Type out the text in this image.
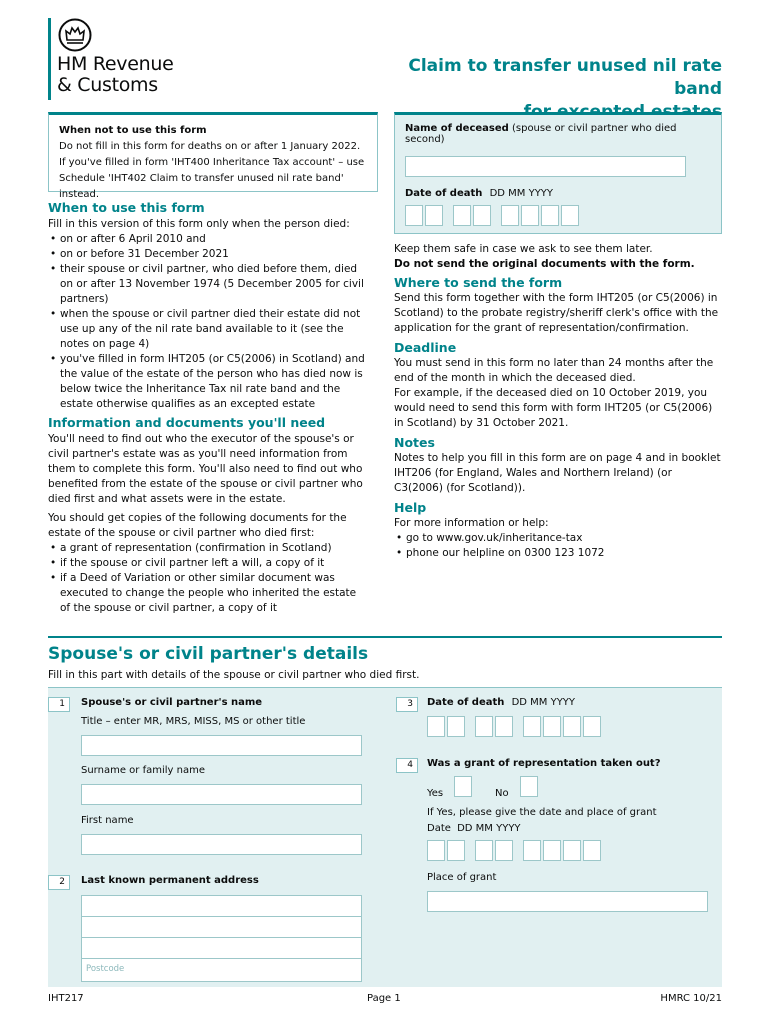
HM Revenue
& Customs
Claim to transfer unused nil rate band
When not to use this form
Do not fill in this form for deaths on or after 1 January 2022.
If you've filled in form 'IHT400 Inheritance Tax account' – use
Schedule 'IHT402 Claim to transfer unused nil rate band' instead.
Name of deceased (spouse or civil partner who died second)
Date of death DD MM YYYY
When to use this form
Fill in this version of this form only when the person died:
• on or after 6 April 2010 and
• on or before 31 December 2021
• their spouse or civil partner, who died before them, died on or after 13 November 1974 (5 December 2005 for civil partners)
• when the spouse or civil partner died their estate did not use up any of the nil rate band available to it (see the notes on page 4)
• you've filled in form IHT205 (or C5(2006) in Scotland) and the value of the estate of the person who has died now is below twice the Inheritance Tax nil rate band and the estate otherwise qualifies as an excepted estate
Information and documents you'll need
You'll need to find out who the executor of the spouse's or civil partner's estate was as you'll need information from them to complete this form. You'll also need to find out who benefited from the estate of the spouse or civil partner who died first and what assets were in the estate.
You should get copies of the following documents for the estate of the spouse or civil partner who died first:
• a grant of representation (confirmation in Scotland)
• if the spouse or civil partner left a will, a copy of it
• if a Deed of Variation or other similar document was executed to change the people who inherited the estate of the spouse or civil partner, a copy of it
Keep them safe in case we ask to see them later.
Do not send the original documents with the form.
Where to send the form
Send this form together with the form IHT205 (or C5(2006) in Scotland) to the probate registry/sheriff clerk's office with the application for the grant of representation/confirmation.
Deadline
You must send in this form no later than 24 months after the end of the month in which the deceased died.
For example, if the deceased died on 10 October 2019, you would need to send this form with form IHT205 (or C5(2006) in Scotland) by 31 October 2021.
Notes
Notes to help you fill in this form are on page 4 and in booklet IHT206 (for England, Wales and Northern Ireland) (or C3(2006) (for Scotland)).
Help
For more information or help:
• go to www.gov.uk/inheritance-tax
• phone our helpline on 0300 123 1072
Spouse's or civil partner's details
Fill in this part with details of the spouse or civil partner who died first.
1	Spouse's or civil partner's name
Title – enter MR, MRS, MISS, MS or other title
Surname or family name
First name
2	Last known permanent address
Postcode
3	Date of death DD MM YYYY
4	Was a grant of representation taken out?
Yes	No
If Yes, please give the date and place of grant
Date DD MM YYYY
Place of grant
IHT217	Page 1	HMRC 10/21
